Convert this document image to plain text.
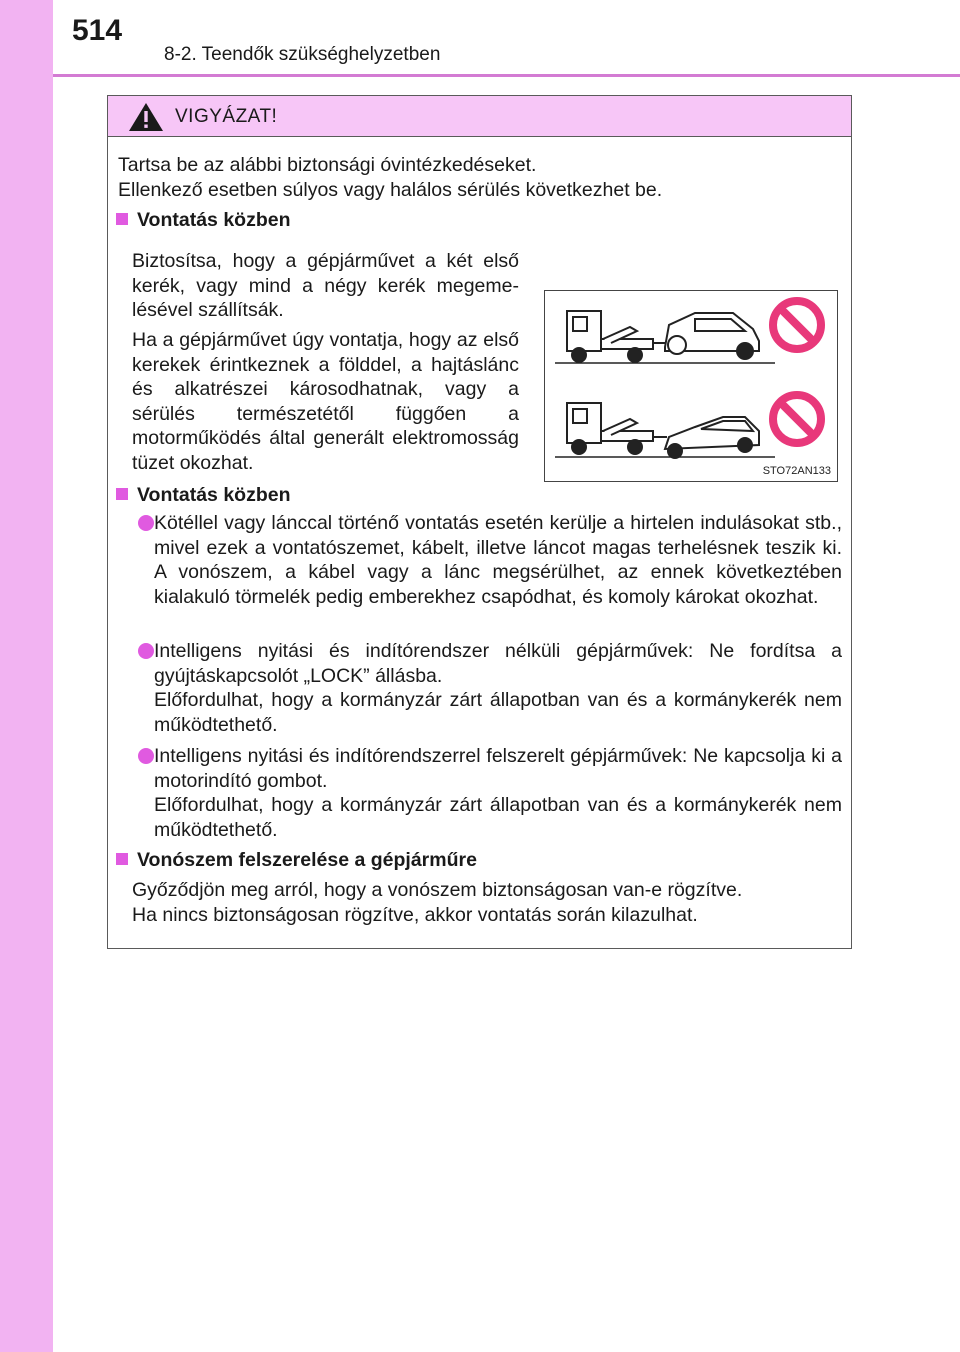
514
8-2. Teendők szükséghelyzetben
VIGYÁZAT!
Tartsa be az alábbi biztonsági óvintézkedéseket.
Ellenkező esetben súlyos vagy halálos sérülés következhet be.
Vontatás közben
Biztosítsa, hogy a gépjárművet a két első kerék, vagy mind a négy kerék megemelésével szállítsák.
Ha a gépjárművet úgy vontatja, hogy az első kerekek érintkeznek a földdel, a hajtáslánc és alkatrészei károsodhatnak, vagy a sérülés természetétől függően a motorműködés által generált elektromosság tüzet okozhat.	STO72AN133
Vontatás közben
Kötéllel vagy lánccal történő vontatás esetén kerülje a hirtelen indulásokat stb., mivel ezek a vontatószemet, kábelt, illetve láncot magas terhelésnek teszik ki. A vonószem, a kábel vagy a lánc megsérülhet, az ennek következtében kialakuló törmelék pedig emberekhez csapódhat, és komoly károkat okozhat.
Intelligens nyitási és indítórendszer nélküli gépjárművek: Ne fordítsa a gyújtáskapcsolót „LOCK” állásba.
Előfordulhat, hogy a kormányzár zárt állapotban van és a kormánykerék nem működtethető.
Intelligens nyitási és indítórendszerrel felszerelt gépjárművek: Ne kapcsolja ki a motorindító gombot.
Előfordulhat, hogy a kormányzár zárt állapotban van és a kormánykerék nem működtethető.
Vonószem felszerelése a gépjárműre
Győződjön meg arról, hogy a vonószem biztonságosan van-e rögzítve.
Ha nincs biztonságosan rögzítve, akkor vontatás során kilazulhat.
